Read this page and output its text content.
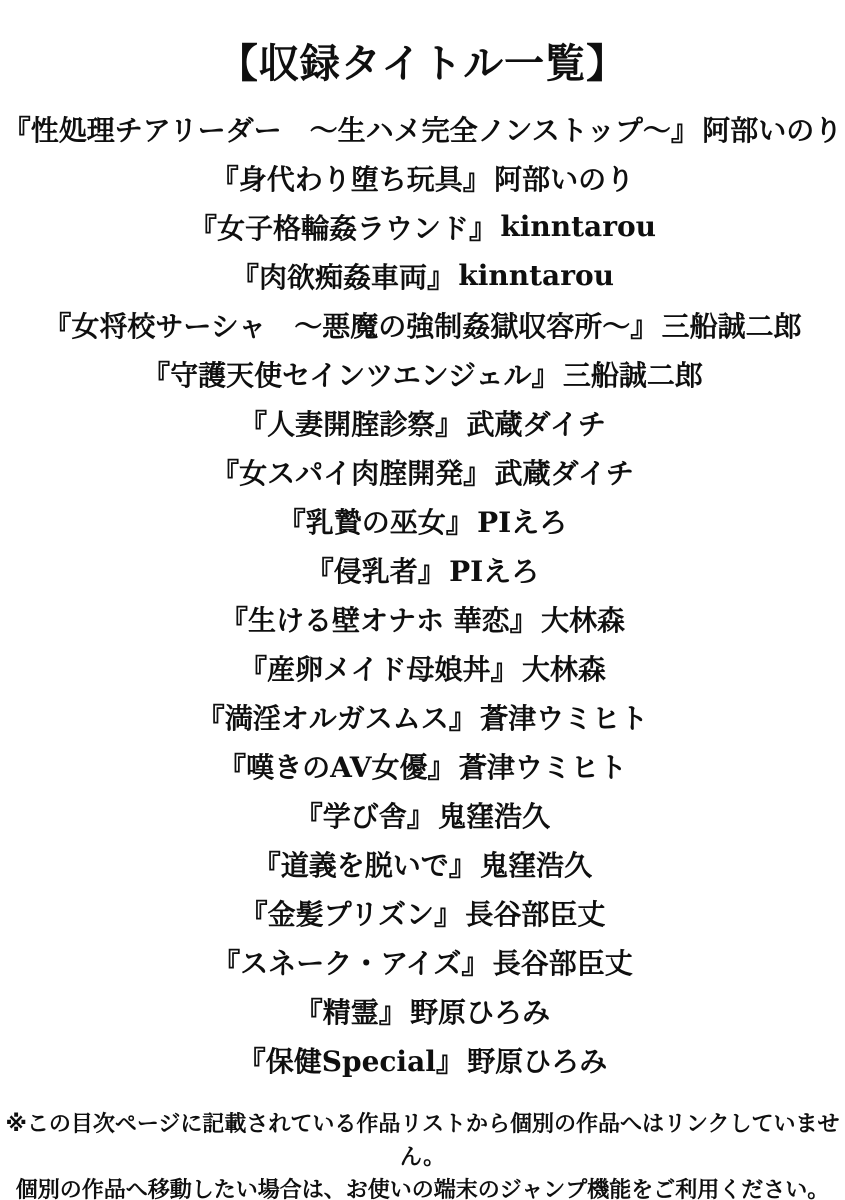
【収録タイトル一覧】
『性処理チアリーダー　～生ハメ完全ノンストップ～』 阿部いのり
『身代わり堕ち玩具』 阿部いのり
『女子格輪姦ラウンド』 kinntarou
『肉欲痴姦車両』 kinntarou
『女将校サーシャ　～悪魔の強制姦獄収容所～』 三船誠二郎
『守護天使セインツエンジェル』 三船誠二郎
『人妻開腟診察』 武蔵ダイチ
『女スパイ肉腟開発』 武蔵ダイチ
『乳贄の巫女』 PIえろ
『侵乳者』 PIえろ
『生ける壁オナホ 華恋』 大林森
『産卵メイド母娘丼』 大林森
『満淫オルガスムス』 蒼津ウミヒト
『嘆きのAV女優』 蒼津ウミヒト
『学び舎』 鬼窪浩久
『道義を脱いで』 鬼窪浩久
『金髪プリズン』 長谷部臣丈
『スネーク・アイズ』 長谷部臣丈
『精霊』 野原ひろみ
『保健Special』 野原ひろみ
※この目次ページに記載されている作品リストから個別の作品へはリンクしていません。
個別の作品へ移動したい場合は、お使いの端末のジャンプ機能をご利用ください。
